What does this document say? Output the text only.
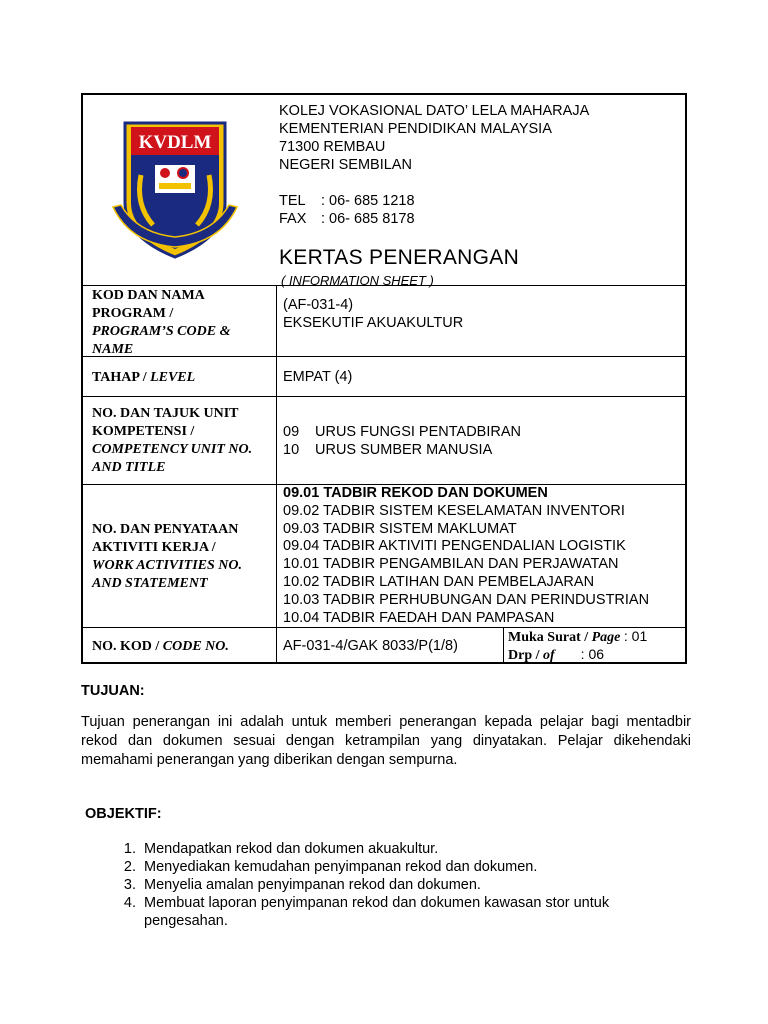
KVDLM
KOLEJ VOKASIONAL DATO’ LELA MAHARAJA
KEMENTERIAN PENDIDIKAN MALAYSIA
71300 REMBAU
NEGERI SEMBILAN
TEL : 06- 685 1218
FAX : 06- 685 8178
KERTAS PENERANGAN
( INFORMATION SHEET )
KOD DAN NAMA PROGRAM /
PROGRAM’S CODE & NAME
(AF-031-4)
EKSEKUTIF AKUAKULTUR
TAHAP / LEVEL	EMPAT (4)
NO. DAN TAJUK UNIT KOMPETENSI /
COMPETENCY UNIT NO. AND TITLE
09 URUS FUNGSI PENTADBIRAN
10 URUS SUMBER MANUSIA
NO. DAN PENYATAAN AKTIVITI KERJA /
WORK ACTIVITIES NO. AND STATEMENT
09.01 TADBIR REKOD DAN DOKUMEN
09.02 TADBIR SISTEM KESELAMATAN INVENTORI
09.03 TADBIR SISTEM MAKLUMAT
09.04 TADBIR AKTIVITI PENGENDALIAN LOGISTIK
10.01 TADBIR PENGAMBILAN DAN PERJAWATAN
10.02 TADBIR LATIHAN DAN PEMBELAJARAN
10.03 TADBIR PERHUBUNGAN DAN PERINDUSTRIAN
10.04 TADBIR FAEDAH DAN PAMPASAN
NO. KOD / CODE NO.	AF-031-4/GAK 8033/P(1/8)
Muka Surat / Page : 01
Drp / of : 06
TUJUAN:
Tujuan penerangan ini adalah untuk memberi penerangan kepada pelajar bagi mentadbir rekod dan dokumen sesuai dengan ketrampilan yang dinyatakan. Pelajar dikehendaki memahami penerangan yang diberikan dengan sempurna.
OBJEKTIF:
1. Mendapatkan rekod dan dokumen akuakultur.
2. Menyediakan kemudahan penyimpanan rekod dan dokumen.
3. Menyelia amalan penyimpanan rekod dan dokumen.
4. Membuat laporan penyimpanan rekod dan dokumen kawasan stor untuk pengesahan.
